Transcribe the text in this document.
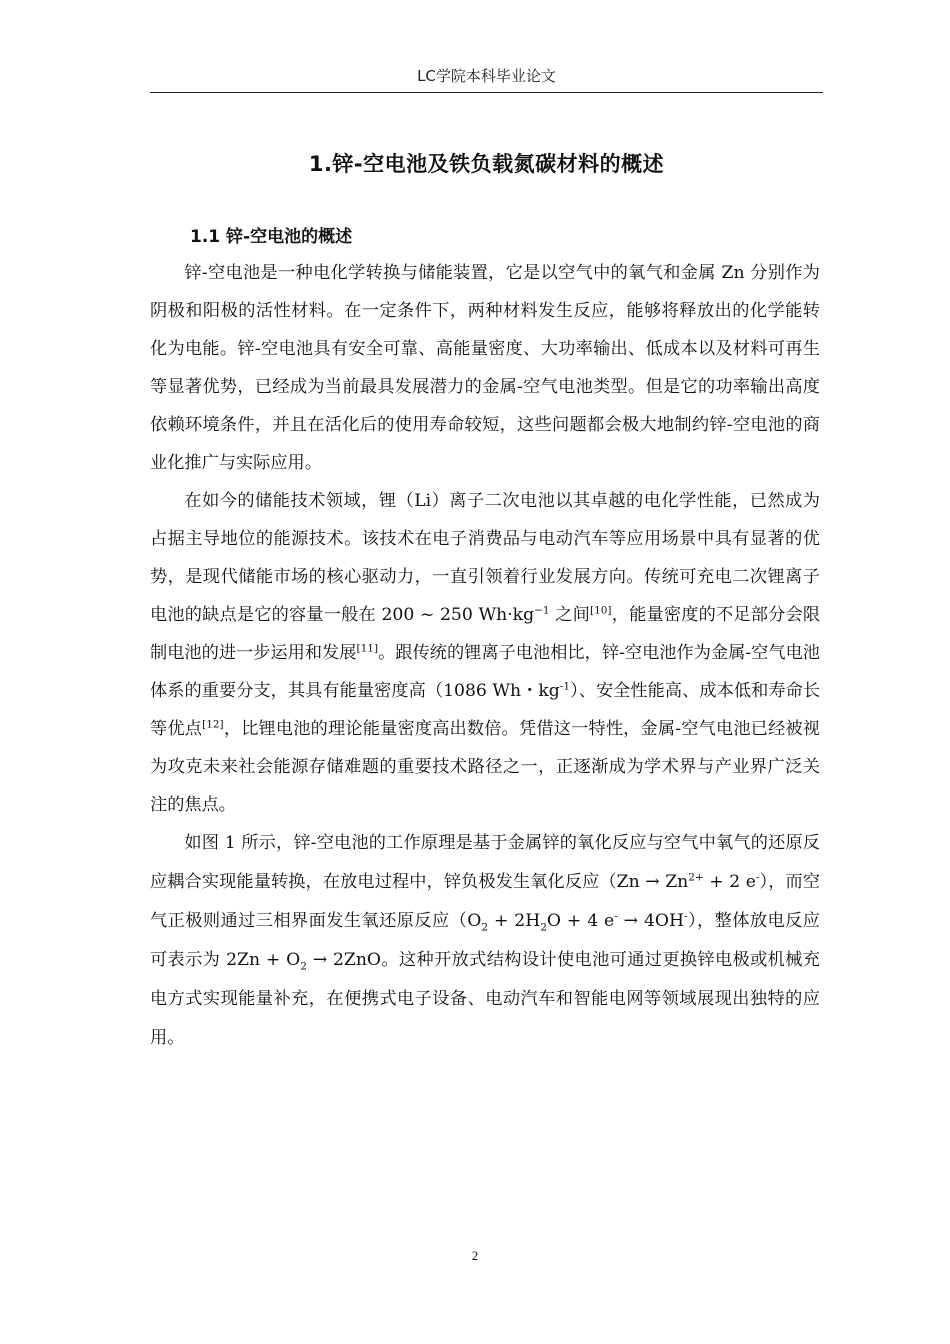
LC学院本科毕业论文
1.锌-空电池及铁负载氮碳材料的概述
1.1 锌-空电池的概述

锌-空电池是一种电化学转换与储能装置，它是以空气中的氧气和金属 Zn 分别作为阴极和阳极的活性材料。在一定条件下，两种材料发生反应，能够将释放出的化学能转化为电能。锌-空电池具有安全可靠、高能量密度、大功率输出、低成本以及材料可再生等显著优势，已经成为当前最具发展潜力的金属-空气电池类型。但是它的功率输出高度依赖环境条件，并且在活化后的使用寿命较短，这些问题都会极大地制约锌-空电池的商业化推广与实际应用。

在如今的储能技术领域，锂（Li）离子二次电池以其卓越的电化学性能，已然成为占据主导地位的能源技术。该技术在电子消费品与电动汽车等应用场景中具有显著的优势，是现代储能市场的核心驱动力，一直引领着行业发展方向。传统可充电二次锂离子电池的缺点是它的容量一般在 200 ~ 250 $Wh\cdot kg^{-1}$ 之间[10]，能量密度的不足部分会限制电池的进一步运用和发展[11]。跟传统的锂离子电池相比，锌-空电池作为金属-空气电池体系的重要分支，其具有能量密度高（1086 Wh・$kg^{-1}$）、安全性能高、成本低和寿命长等优点[12]，比锂电池的理论能量密度高出数倍。凭借这一特性，金属-空气电池已经被视为攻克未来社会能源存储难题的重要技术路径之一，正逐渐成为学术界与产业界广泛关注的焦点。

如图 1 所示，锌-空电池的工作原理是基于金属锌的氧化反应与空气中氧气的还原反应耦合实现能量转换，在放电过程中，锌负极发生氧化反应（$Zn \to Zn^{2+} + 2$ e-），而空气正极则通过三相界面发生氧还原反应（$O_2 + 2H_2O + 4$ e- → 4OH-），整体放电反应可表示为 $2Zn + O_2 \to 2ZnO$。这种开放式结构设计使电池可通过更换锌电极或机械充电方式实现能量补充，在便携式电子设备、电动汽车和智能电网等领域展现出独特的应用。

2
